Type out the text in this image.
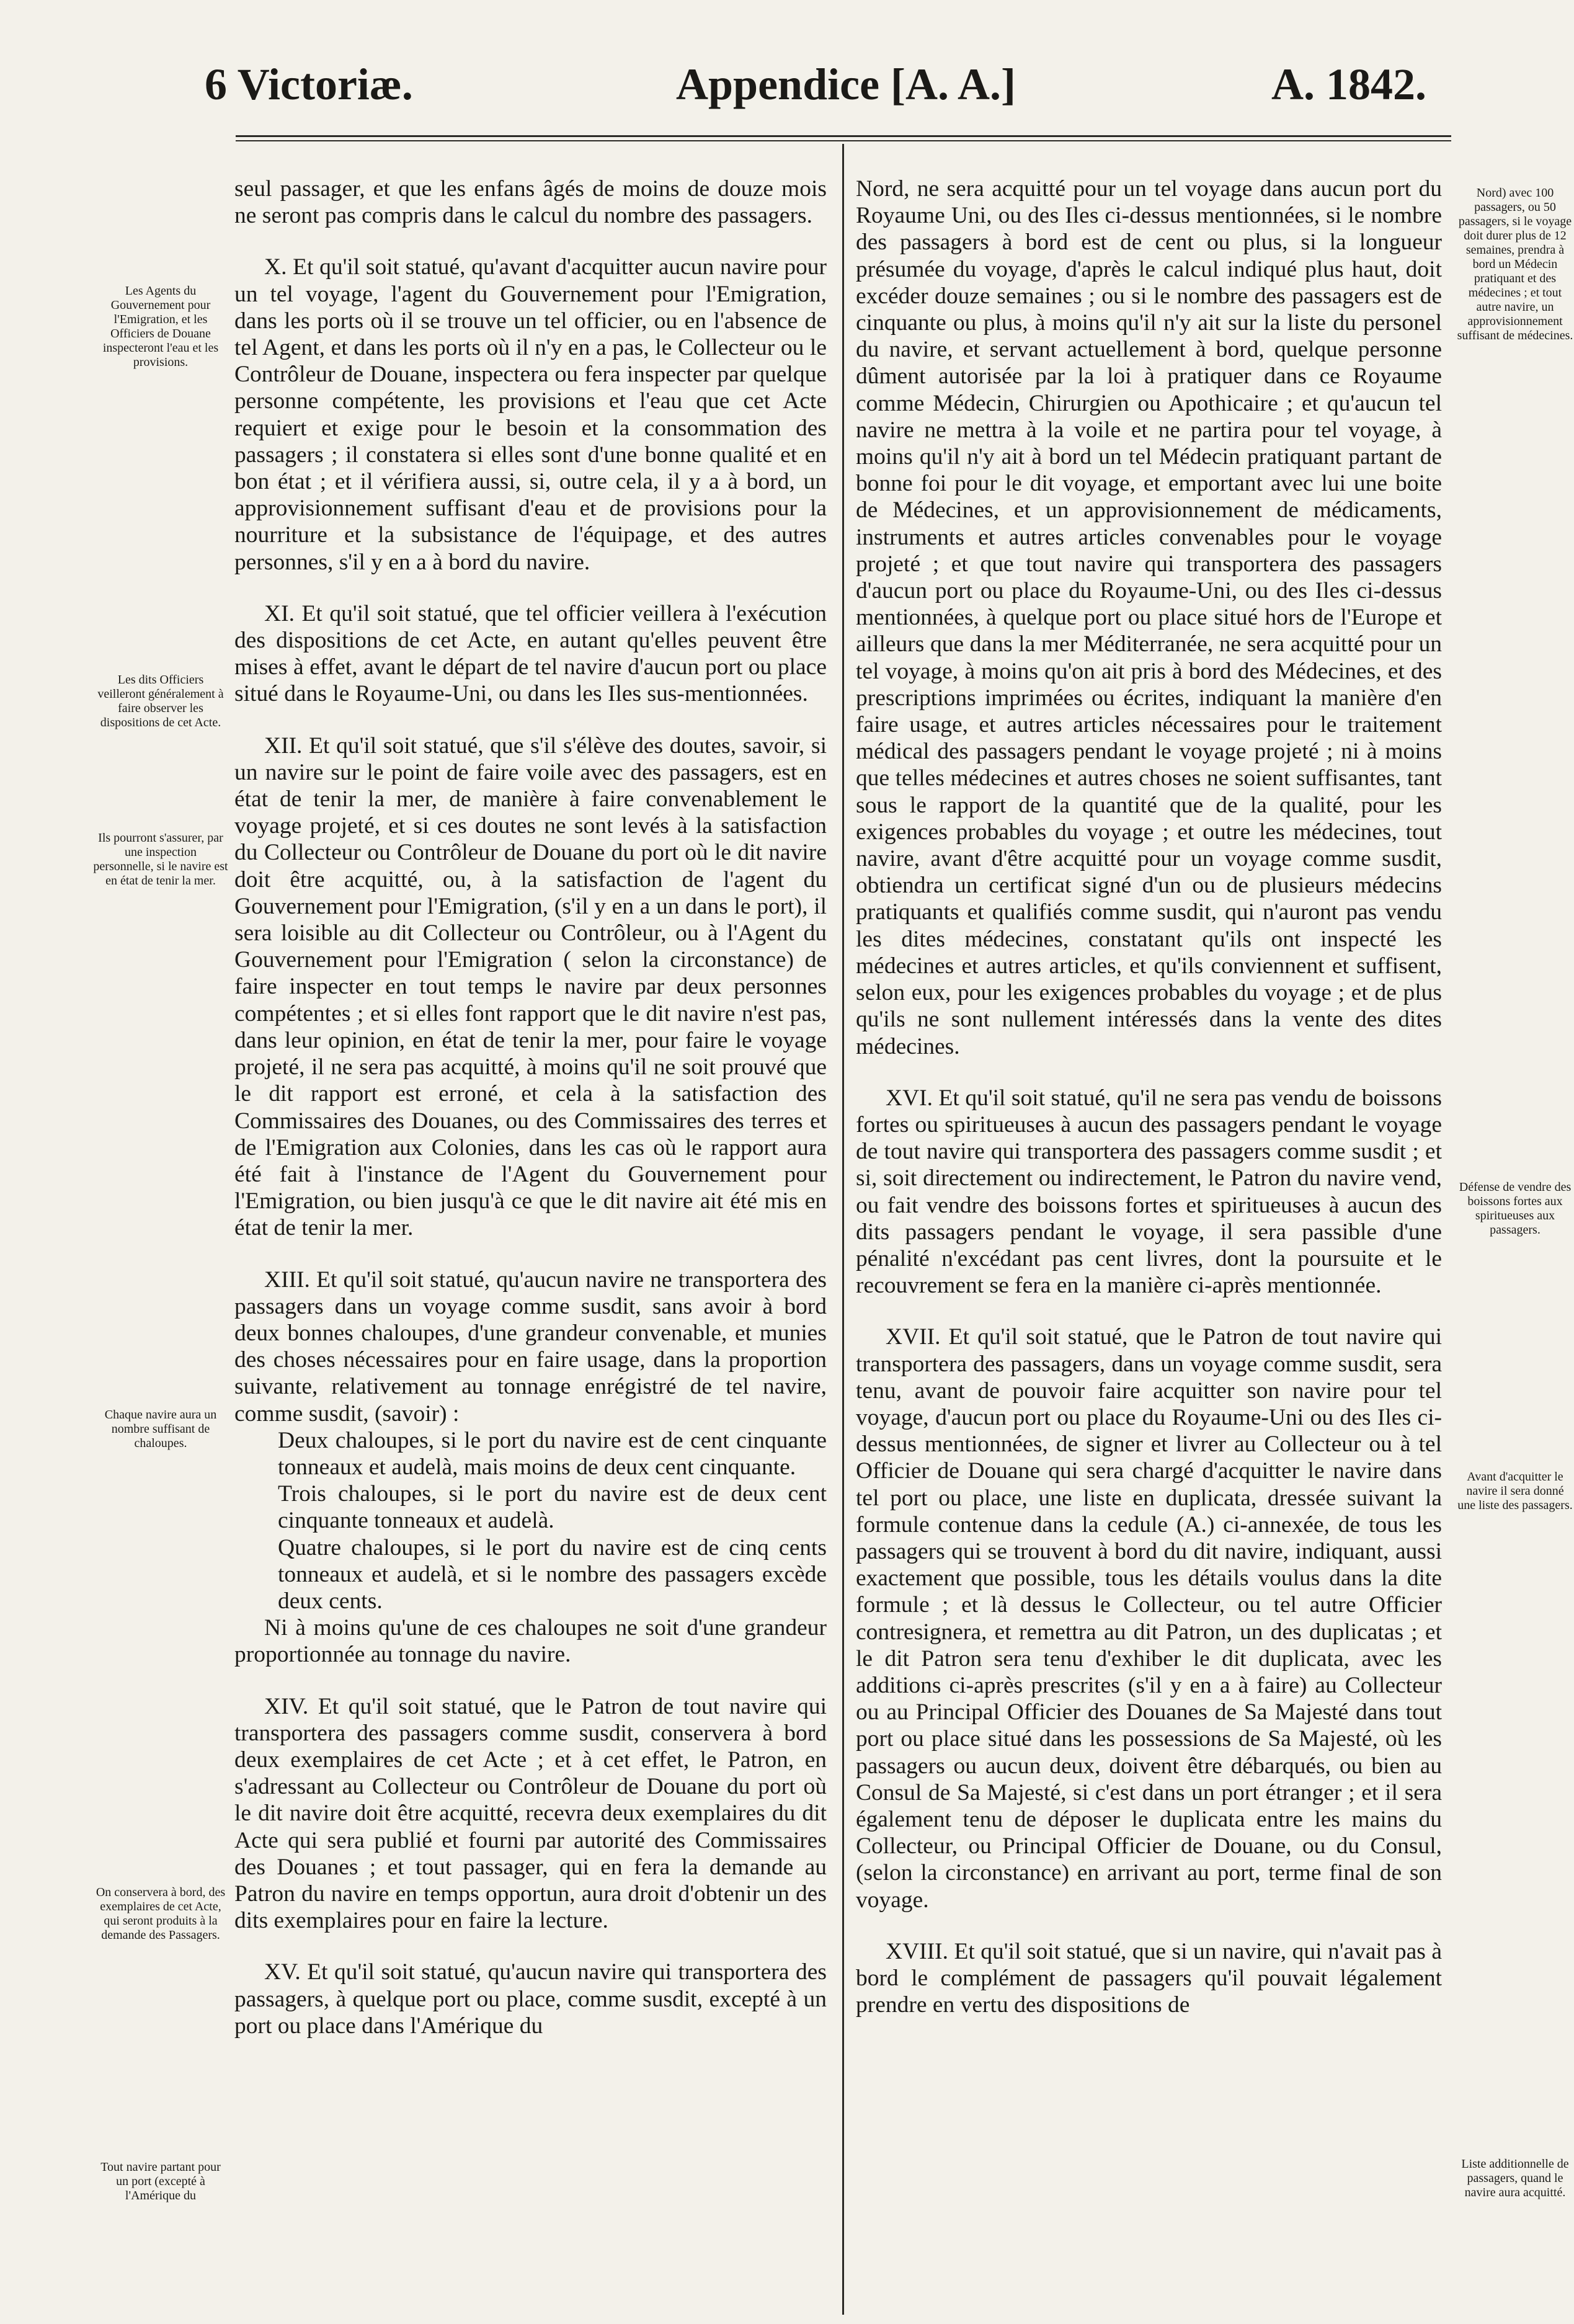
6 Victoriæ.	Appendice [A. A.]	A. 1842.
Les Agents du Gouvernement pour l'Emigration, et les Officiers de Douane inspecteront l'eau et les provisions.
Les dits Officiers veilleront généralement à faire observer les dispositions de cet Acte.
Ils pourront s'assurer, par une inspection personnelle, si le navire est en état de tenir la mer.
Chaque navire aura un nombre suffisant de chaloupes.
On conservera à bord, des exemplaires de cet Acte, qui seront produits à la demande des Passagers.
Tout navire partant pour un port (excepté à l'Amérique du
Nord) avec 100 passagers, ou 50 passagers, si le voyage doit durer plus de 12 semaines, prendra à bord un Médecin pratiquant et des médecines ; et tout autre navire, un approvisionnement suffisant de médecines.
Défense de vendre des boissons fortes aux spiritueuses aux passagers.
Avant d'acquitter le navire il sera donné une liste des passagers.
Liste additionnelle de passagers, quand le navire aura acquitté.

seul passager, et que les enfans âgés de moins de douze mois ne seront pas compris dans le calcul du nombre des passagers.

X. Et qu'il soit statué, qu'avant d'acquitter aucun navire pour un tel voyage, l'agent du Gouvernement pour l'Emigration, dans les ports où il se trouve un tel officier, ou en l'absence de tel Agent, et dans les ports où il n'y en a pas, le Collecteur ou le Contrôleur de Douane, inspectera ou fera inspecter par quelque personne compétente, les provisions et l'eau que cet Acte requiert et exige pour le besoin et la consommation des passagers ; il constatera si elles sont d'une bonne qualité et en bon état ; et il vérifiera aussi, si, outre cela, il y a à bord, un approvisionnement suffisant d'eau et de provisions pour la nourriture et la subsistance de l'équipage, et des autres personnes, s'il y en a à bord du navire.

XI. Et qu'il soit statué, que tel officier veillera à l'exécution des dispositions de cet Acte, en autant qu'elles peuvent être mises à effet, avant le départ de tel navire d'aucun port ou place situé dans le Royaume-Uni, ou dans les Iles sus-mentionnées.

XII. Et qu'il soit statué, que s'il s'élève des doutes, savoir, si un navire sur le point de faire voile avec des passagers, est en état de tenir la mer, de manière à faire convenablement le voyage projeté, et si ces doutes ne sont levés à la satisfaction du Collecteur ou Contrôleur de Douane du port où le dit navire doit être acquitté, ou, à la satisfaction de l'agent du Gouvernement pour l'Emigration, (s'il y en a un dans le port), il sera loisible au dit Collecteur ou Contrôleur, ou à l'Agent du Gouvernement pour l'Emigration ( selon la circonstance) de faire inspecter en tout temps le navire par deux personnes compétentes ; et si elles font rapport que le dit navire n'est pas, dans leur opinion, en état de tenir la mer, pour faire le voyage projeté, il ne sera pas acquitté, à moins qu'il ne soit prouvé que le dit rapport est erroné, et cela à la satisfaction des Commissaires des Douanes, ou des Commissaires des terres et de l'Emigration aux Colonies, dans les cas où le rapport aura été fait à l'instance de l'Agent du Gouvernement pour l'Emigration, ou bien jusqu'à ce que le dit navire ait été mis en état de tenir la mer.

XIII. Et qu'il soit statué, qu'aucun navire ne transportera des passagers dans un voyage comme susdit, sans avoir à bord deux bonnes chaloupes, d'une grandeur convenable, et munies des choses nécessaires pour en faire usage, dans la proportion suivante, relativement au tonnage enrégistré de tel navire, comme susdit, (savoir) :

Deux chaloupes, si le port du navire est de cent cinquante tonneaux et audelà, mais moins de deux cent cinquante.

Trois chaloupes, si le port du navire est de deux cent cinquante tonneaux et audelà.

Quatre chaloupes, si le port du navire est de cinq cents tonneaux et audelà, et si le nombre des passagers excède deux cents.

Ni à moins qu'une de ces chaloupes ne soit d'une grandeur proportionnée au tonnage du navire.

XIV. Et qu'il soit statué, que le Patron de tout navire qui transportera des passagers comme susdit, conservera à bord deux exemplaires de cet Acte ; et à cet effet, le Patron, en s'adressant au Collecteur ou Contrôleur de Douane du port où le dit navire doit être acquitté, recevra deux exemplaires du dit Acte qui sera publié et fourni par autorité des Commissaires des Douanes ; et tout passager, qui en fera la demande au Patron du navire en temps opportun, aura droit d'obtenir un des dits exemplaires pour en faire la lecture.

XV. Et qu'il soit statué, qu'aucun navire qui transportera des passagers, à quelque port ou place, comme susdit, excepté à un port ou place dans l'Amérique du

Nord, ne sera acquitté pour un tel voyage dans aucun port du Royaume Uni, ou des Iles ci-dessus mentionnées, si le nombre des passagers à bord est de cent ou plus, si la longueur présumée du voyage, d'après le calcul indiqué plus haut, doit excéder douze semaines ; ou si le nombre des passagers est de cinquante ou plus, à moins qu'il n'y ait sur la liste du personel du navire, et servant actuellement à bord, quelque personne dûment autorisée par la loi à pratiquer dans ce Royaume comme Médecin, Chirurgien ou Apothicaire ; et qu'aucun tel navire ne mettra à la voile et ne partira pour tel voyage, à moins qu'il n'y ait à bord un tel Médecin pratiquant partant de bonne foi pour le dit voyage, et emportant avec lui une boite de Médecines, et un approvisionnement de médicaments, instruments et autres articles convenables pour le voyage projeté ; et que tout navire qui transportera des passagers d'aucun port ou place du Royaume-Uni, ou des Iles ci-dessus mentionnées, à quelque port ou place situé hors de l'Europe et ailleurs que dans la mer Méditerranée, ne sera acquitté pour un tel voyage, à moins qu'on ait pris à bord des Médecines, et des prescriptions imprimées ou écrites, indiquant la manière d'en faire usage, et autres articles nécessaires pour le traitement médical des passagers pendant le voyage projeté ; ni à moins que telles médecines et autres choses ne soient suffisantes, tant sous le rapport de la quantité que de la qualité, pour les exigences probables du voyage ; et outre les médecines, tout navire, avant d'être acquitté pour un voyage comme susdit, obtiendra un certificat signé d'un ou de plusieurs médecins pratiquants et qualifiés comme susdit, qui n'auront pas vendu les dites médecines, constatant qu'ils ont inspecté les médecines et autres articles, et qu'ils conviennent et suffisent, selon eux, pour les exigences probables du voyage ; et de plus qu'ils ne sont nullement intéressés dans la vente des dites médecines.

XVI. Et qu'il soit statué, qu'il ne sera pas vendu de boissons fortes ou spiritueuses à aucun des passagers pendant le voyage de tout navire qui transportera des passagers comme susdit ; et si, soit directement ou indirectement, le Patron du navire vend, ou fait vendre des boissons fortes et spiritueuses à aucun des dits passagers pendant le voyage, il sera passible d'une pénalité n'excédant pas cent livres, dont la poursuite et le recouvrement se fera en la manière ci-après mentionnée.

XVII. Et qu'il soit statué, que le Patron de tout navire qui transportera des passagers, dans un voyage comme susdit, sera tenu, avant de pouvoir faire acquitter son navire pour tel voyage, d'aucun port ou place du Royaume-Uni ou des Iles ci-dessus mentionnées, de signer et livrer au Collecteur ou à tel Officier de Douane qui sera chargé d'acquitter le navire dans tel port ou place, une liste en duplicata, dressée suivant la formule contenue dans la cedule (A.) ci-annexée, de tous les passagers qui se trouvent à bord du dit navire, indiquant, aussi exactement que possible, tous les détails voulus dans la dite formule ; et là dessus le Collecteur, ou tel autre Officier contresignera, et remettra au dit Patron, un des duplicatas ; et le dit Patron sera tenu d'exhiber le dit duplicata, avec les additions ci-après prescrites (s'il y en a à faire) au Collecteur ou au Principal Officier des Douanes de Sa Majesté dans tout port ou place situé dans les possessions de Sa Majesté, où les passagers ou aucun deux, doivent être débarqués, ou bien au Consul de Sa Majesté, si c'est dans un port étranger ; et il sera également tenu de déposer le duplicata entre les mains du Collecteur, ou Principal Officier de Douane, ou du Consul, (selon la circonstance) en arrivant au port, terme final de son voyage.

XVIII. Et qu'il soit statué, que si un navire, qui n'avait pas à bord le complément de passagers qu'il pouvait légalement prendre en vertu des dispositions de
